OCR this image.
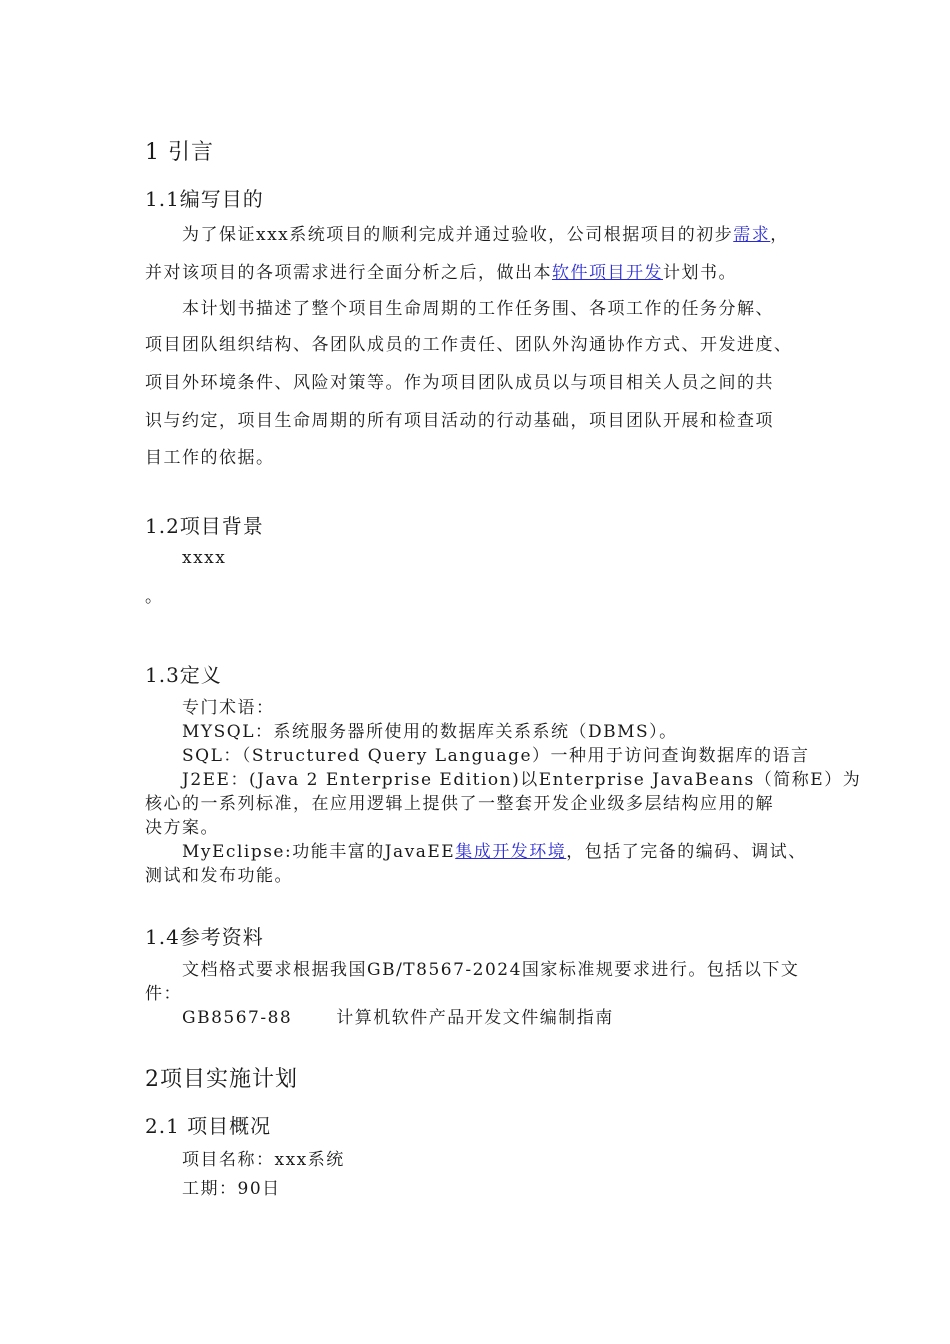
1 引言
1.1编写目的
为了保证xxx系统项目的顺利完成并通过验收，公司根据项目的初步需求，
并对该项目的各项需求进行全面分析之后，做出本软件项目开发计划书。
本计划书描述了整个项目生命周期的工作任务围、各项工作的任务分解、
项目团队组织结构、各团队成员的工作责任、团队外沟通协作方式、开发进度、
项目外环境条件、风险对策等。作为项目团队成员以与项目相关人员之间的共
识与约定，项目生命周期的所有项目活动的行动基础，项目团队开展和检查项
目工作的依据。
1.2项目背景
xxxx
。
1.3定义
专门术语：
MYSQL：系统服务器所使用的数据库关系系统（DBMS）。
SQL：（Structured Query Language）一种用于访问查询数据库的语言
J2EE：(Java 2 Enterprise Edition)以Enterprise JavaBeans（简称E）为
核心的一系列标准，在应用逻辑上提供了一整套开发企业级多层结构应用的解
决方案。
MyEclipse:功能丰富的JavaEE集成开发环境，包括了完备的编码、调试、
测试和发布功能。
1.4参考资料
文档格式要求根据我国GB/T8567-2024国家标准规要求进行。包括以下文
件：
GB8567-88	计算机软件产品开发文件编制指南
2项目实施计划
2.1 项目概况
项目名称：xxx系统
工期：90日
